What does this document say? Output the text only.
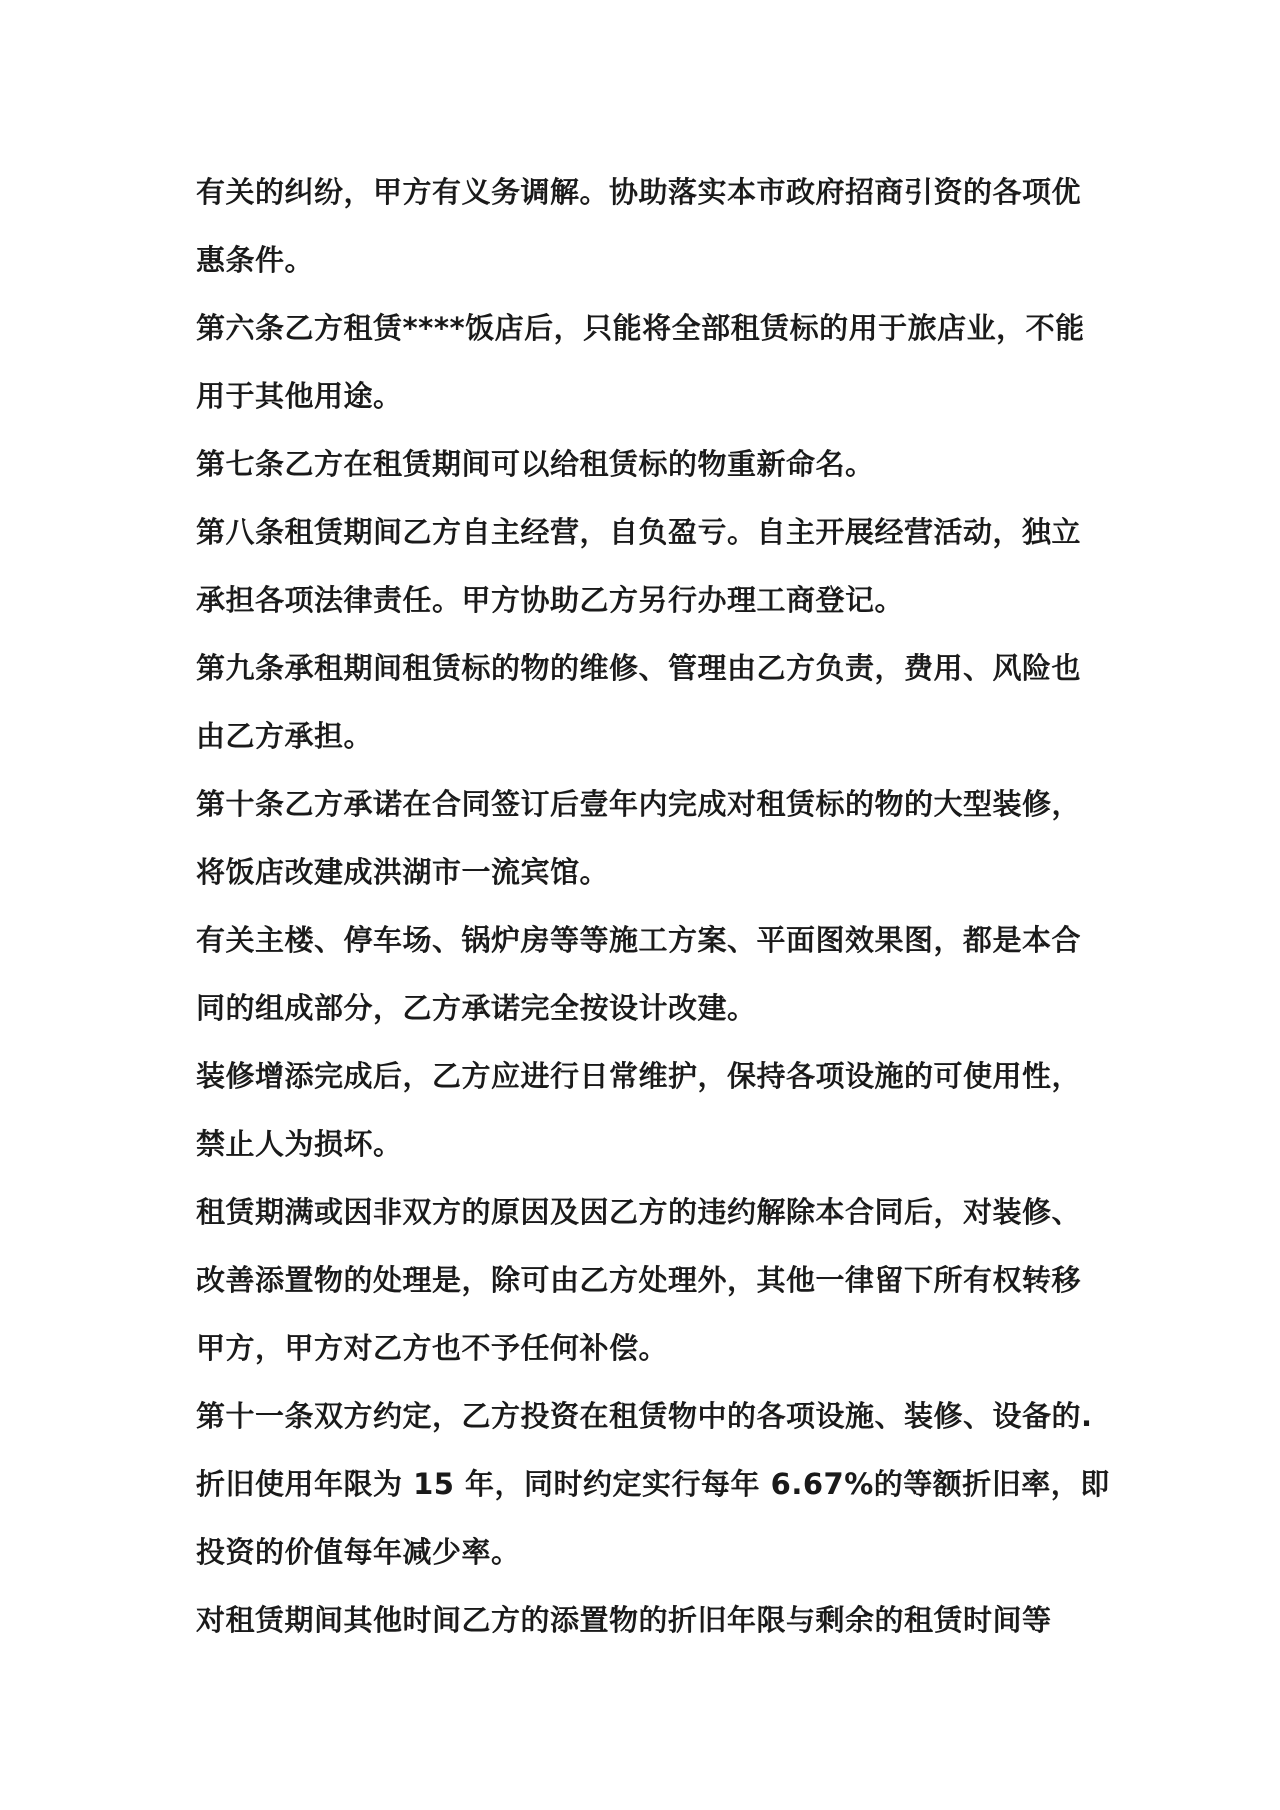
有关的纠纷，甲方有义务调解。协助落实本市政府招商引资的各项优
惠条件。
第六条乙方租赁****饭店后，只能将全部租赁标的用于旅店业，不能
用于其他用途。
第七条乙方在租赁期间可以给租赁标的物重新命名。
第八条租赁期间乙方自主经营，自负盈亏。自主开展经营活动，独立
承担各项法律责任。甲方协助乙方另行办理工商登记。
第九条承租期间租赁标的物的维修、管理由乙方负责，费用、风险也
由乙方承担。
第十条乙方承诺在合同签订后壹年内完成对租赁标的物的大型装修，
将饭店改建成洪湖市一流宾馆。
有关主楼、停车场、锅炉房等等施工方案、平面图效果图，都是本合
同的组成部分，乙方承诺完全按设计改建。
装修增添完成后，乙方应进行日常维护，保持各项设施的可使用性，
禁止人为损坏。
租赁期满或因非双方的原因及因乙方的违约解除本合同后，对装修、
改善添置物的处理是，除可由乙方处理外，其他一律留下所有权转移
甲方，甲方对乙方也不予任何补偿。
第十一条双方约定，乙方投资在租赁物中的各项设施、装修、设备的.
折旧使用年限为 15 年，同时约定实行每年 6.67%的等额折旧率，即
投资的价值每年减少率。
对租赁期间其他时间乙方的添置物的折旧年限与剩余的租赁时间等
